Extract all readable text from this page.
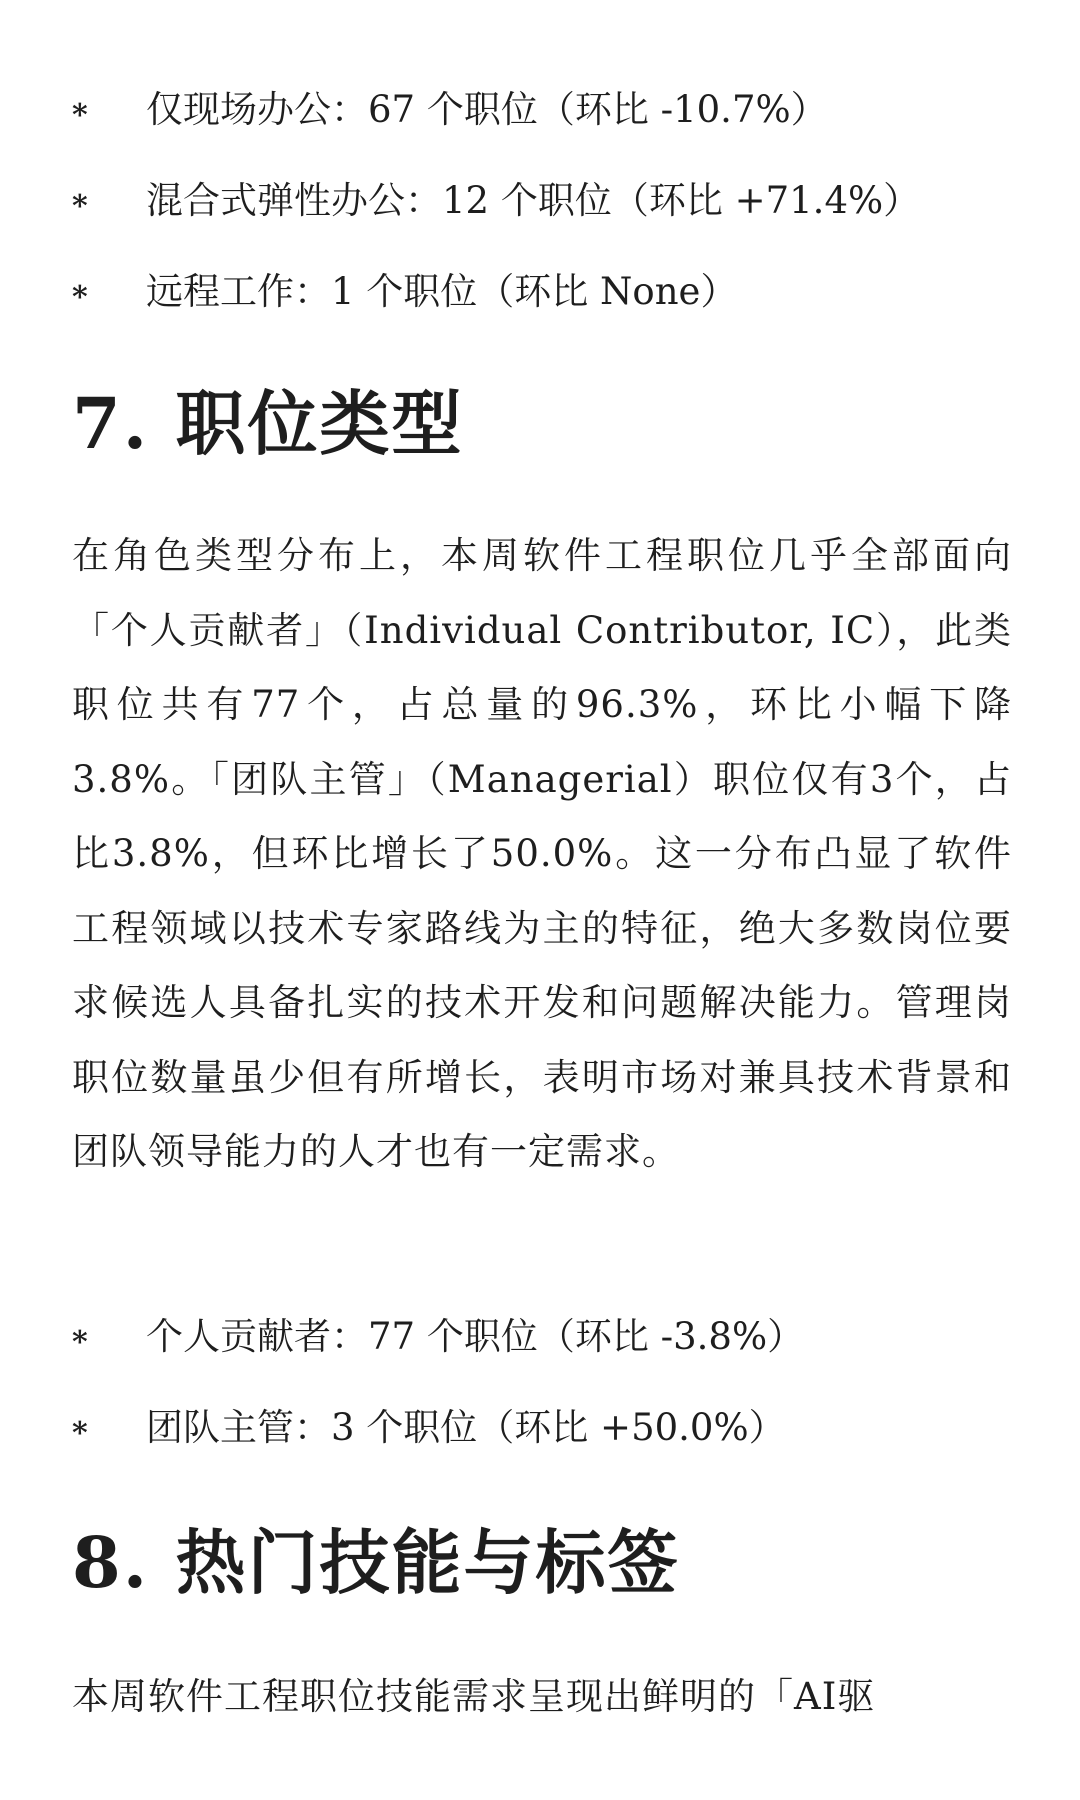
* 仅现场办公：67 个职位（环比 -10.7%）
* 混合式弹性办公：12 个职位（环比 +71.4%）
* 远程工作：1 个职位（环比 None）
7. 职位类型

在角色类型分布上，本周软件工程职位几乎全部面向「个人贡献者」（Individual Contributor, IC），此类职位共有77个，占总量的96.3%，环比小幅下降3.8%。「团队主管」（Managerial）职位仅有3个，占比3.8%，但环比增长了50.0%。这一分布凸显了软件工程领域以技术专家路线为主的特征，绝大多数岗位要求候选人具备扎实的技术开发和问题解决能力。管理岗职位数量虽少但有所增长，表明市场对兼具技术背景和团队领导能力的人才也有一定需求。

* 个人贡献者：77 个职位（环比 -3.8%）
* 团队主管：3 个职位（环比 +50.0%）
8. 热门技能与标签

本周软件工程职位技能需求呈现出鲜明的「AI驱
